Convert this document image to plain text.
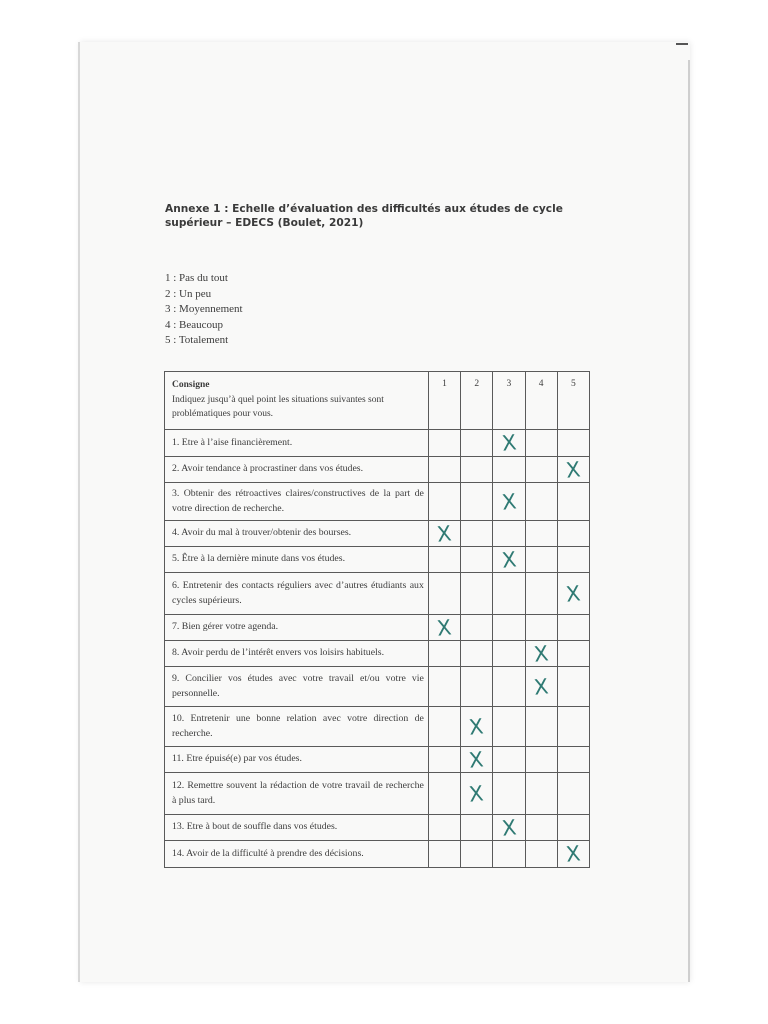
Annexe 1 : Echelle d’évaluation des difficultés aux études de cycle supérieur – EDECS (Boulet, 2021)
1 : Pas du tout
2 : Un peu
3 : Moyennement
4 : Beaucoup
5 : Totalement
Consigne
Indiquez jusqu’à quel point les situations suivantes sont problématiques pour vous.	1	2	3	4	5
1. Etre à l’aise financièrement.			X		
2. Avoir tendance à procrastiner dans vos études.					X
3. Obtenir des rétroactives claires/constructives de la part de votre direction de recherche.			X		
4. Avoir du mal à trouver/obtenir des bourses.	X				
5. Être à la dernière minute dans vos études.			X		
6. Entretenir des contacts réguliers avec d’autres étudiants aux cycles supérieurs.					X
7. Bien gérer votre agenda.	X				
8. Avoir perdu de l’intérêt envers vos loisirs habituels.				X	
9. Concilier vos études avec votre travail et/ou votre vie personnelle.				X	
10. Entretenir une bonne relation avec votre direction de recherche.		X			
11. Etre épuisé(e) par vos études.		X			
12. Remettre souvent la rédaction de votre travail de recherche à plus tard.		X			
13. Etre à bout de souffle dans vos études.			X		
14. Avoir de la difficulté à prendre des décisions.					X
